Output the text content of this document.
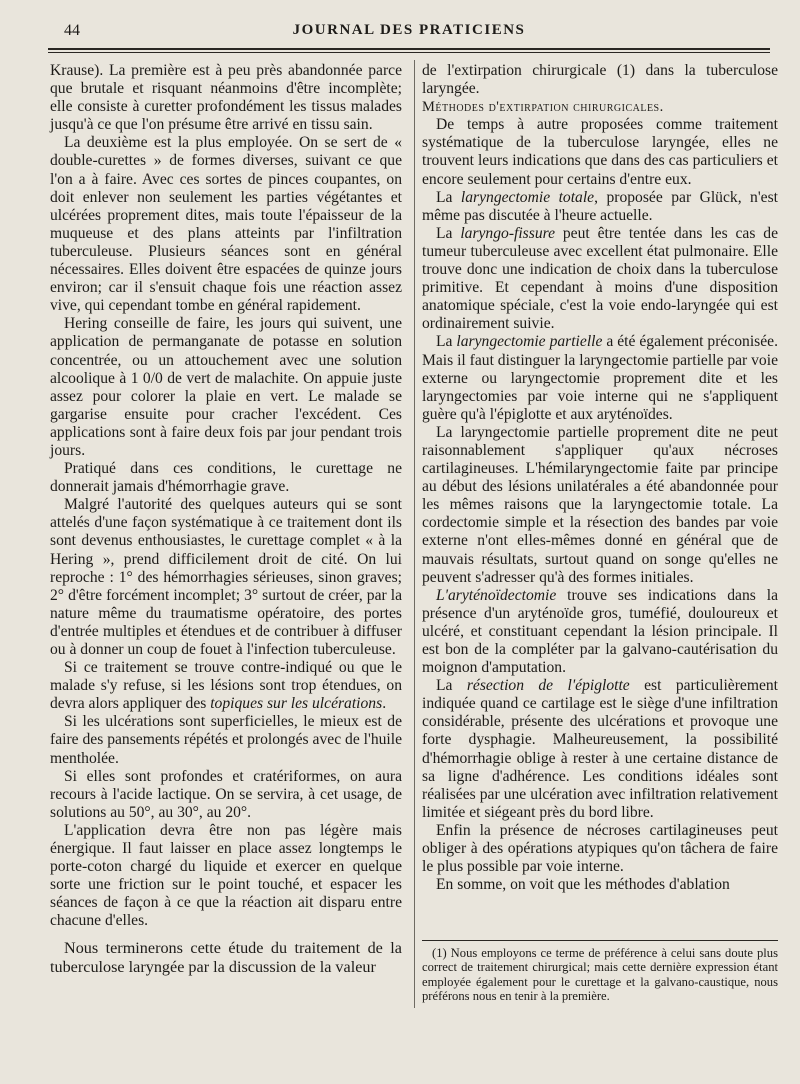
44	JOURNAL DES PRATICIENS

Krause). La première est à peu près abandonnée parce que brutale et risquant néanmoins d'être incomplète; elle consiste à curetter profondément les tissus malades jusqu'à ce que l'on présume être arrivé en tissu sain.

La deuxième est la plus employée. On se sert de « double-curettes » de formes diverses, suivant ce que l'on a à faire. Avec ces sortes de pinces coupantes, on doit enlever non seulement les parties végétantes et ulcérées proprement dites, mais toute l'épaisseur de la muqueuse et des plans atteints par l'infiltration tuberculeuse. Plusieurs séances sont en général nécessaires. Elles doivent être espacées de quinze jours environ; car il s'ensuit chaque fois une réaction assez vive, qui cependant tombe en général rapidement.

Hering conseille de faire, les jours qui suivent, une application de permanganate de potasse en solution concentrée, ou un attouchement avec une solution alcoolique à 1 0/0 de vert de malachite. On appuie juste assez pour colorer la plaie en vert. Le malade se gargarise ensuite pour cracher l'excédent. Ces applications sont à faire deux fois par jour pendant trois jours.

Pratiqué dans ces conditions, le curettage ne donnerait jamais d'hémorrhagie grave.

Malgré l'autorité des quelques auteurs qui se sont attelés d'une façon systématique à ce traitement dont ils sont devenus enthousiastes, le curettage complet « à la Hering », prend difficilement droit de cité. On lui reproche : 1° des hémorrhagies sérieuses, sinon graves; 2° d'être forcément incomplet; 3° surtout de créer, par la nature même du traumatisme opératoire, des portes d'entrée multiples et étendues et de contribuer à diffuser ou à donner un coup de fouet à l'infection tuberculeuse.

Si ce traitement se trouve contre-indiqué ou que le malade s'y refuse, si les lésions sont trop étendues, on devra alors appliquer des topiques sur les ulcérations.

Si les ulcérations sont superficielles, le mieux est de faire des pansements répétés et prolongés avec de l'huile mentholée.

Si elles sont profondes et cratériformes, on aura recours à l'acide lactique. On se servira, à cet usage, de solutions au 50°, au 30°, au 20°.

L'application devra être non pas légère mais énergique. Il faut laisser en place assez longtemps le porte-coton chargé du liquide et exercer en quelque sorte une friction sur le point touché, et espacer les séances de façon à ce que la réaction ait disparu entre chacune d'elles.

Nous terminerons cette étude du traitement de la tuberculose laryngée par la discussion de la valeur

de l'extirpation chirurgicale (1) dans la tuberculose laryngée.

Méthodes d'extirpation chirurgicales.

De temps à autre proposées comme traitement systématique de la tuberculose laryngée, elles ne trouvent leurs indications que dans des cas particuliers et encore seulement pour certains d'entre eux.

La laryngectomie totale, proposée par Glück, n'est même pas discutée à l'heure actuelle.

La laryngo-fissure peut être tentée dans les cas de tumeur tuberculeuse avec excellent état pulmonaire. Elle trouve donc une indication de choix dans la tuberculose primitive. Et cependant à moins d'une disposition anatomique spéciale, c'est la voie endo-laryngée qui est ordinairement suivie.

La laryngectomie partielle a été également préconisée. Mais il faut distinguer la laryngectomie partielle par voie externe ou laryngectomie proprement dite et les laryngectomies par voie interne qui ne s'appliquent guère qu'à l'épiglotte et aux aryténoïdes.

La laryngectomie partielle proprement dite ne peut raisonnablement s'appliquer qu'aux nécroses cartilagineuses. L'hémilaryngectomie faite par principe au début des lésions unilatérales a été abandonnée pour les mêmes raisons que la laryngectomie totale. La cordectomie simple et la résection des bandes par voie externe n'ont elles-mêmes donné en général que de mauvais résultats, surtout quand on songe qu'elles ne peuvent s'adresser qu'à des formes initiales.

L'aryténoïdectomie trouve ses indications dans la présence d'un aryténoïde gros, tuméfié, douloureux et ulcéré, et constituant cependant la lésion principale. Il est bon de la compléter par la galvano-cautérisation du moignon d'amputation.

La résection de l'épiglotte est particulièrement indiquée quand ce cartilage est le siège d'une infiltration considérable, présente des ulcérations et provoque une forte dysphagie. Malheureusement, la possibilité d'hémorrhagie oblige à rester à une certaine distance de sa ligne d'adhérence. Les conditions idéales sont réalisées par une ulcération avec infiltration relativement limitée et siégeant près du bord libre.

Enfin la présence de nécroses cartilagineuses peut obliger à des opérations atypiques qu'on tâchera de faire le plus possible par voie interne.

En somme, on voit que les méthodes d'ablation

(1) Nous employons ce terme de préférence à celui sans doute plus correct de traitement chirurgical; mais cette dernière expression étant employée également pour le curettage et la galvano-caustique, nous préférons nous en tenir à la première.
